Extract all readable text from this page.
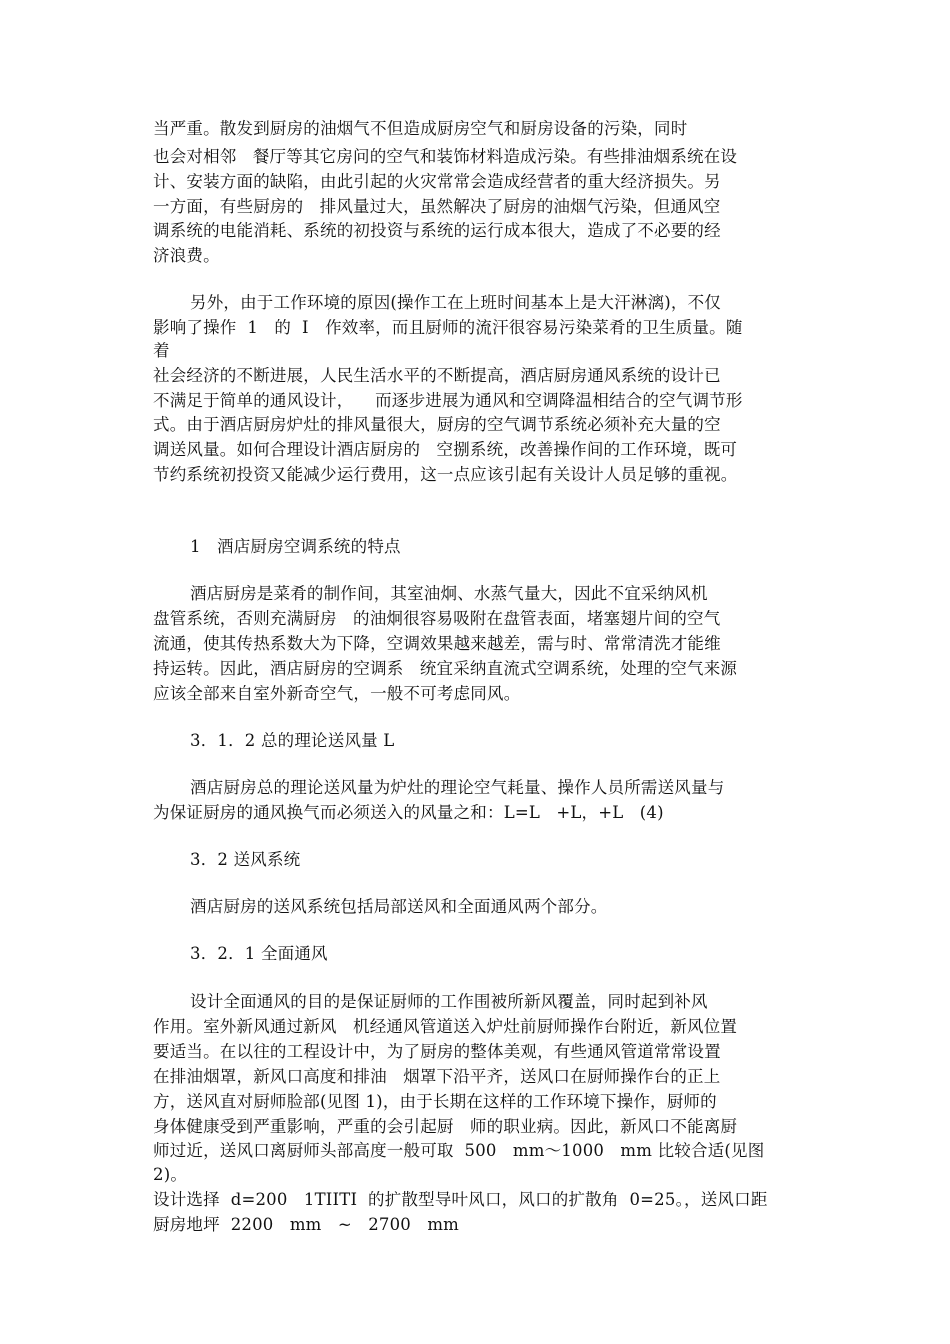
当严重。散发到厨房的油烟气不但造成厨房空气和厨房设备的污染，同时
也会对相邻   餐厅等其它房问的空气和装饰材料造成污染。有些排油烟系统在设
计、安装方面的缺陷，由此引起的火灾常常会造成经营者的重大经济损失。另
一方面，有些厨房的   排风量过大，虽然解决了厨房的油烟气污染，但通风空
调系统的电能消耗、系统的初投资与系统的运行成本很大，造成了不必要的经
济浪费。
另外，由于工作环境的原因(操作工在上班时间基本上是大汗淋漓)，不仅
影响了操作  1   的  I   作效率，而且厨师的流汗很容易污染菜肴的卫生质量。随
着
社会经济的不断进展，人民生活水平的不断提高，酒店厨房通风系统的设计已
不满足于简单的通风设计，    而逐步进展为通风和空调降温相结合的空气调节形
式。由于酒店厨房炉灶的排风量很大，厨房的空气调节系统必须补充大量的空
调送风量。如何合理设计酒店厨房的   空捌系统，改善操作间的工作环境，既可
节约系统初投资又能减少运行费用，这一点应该引起有关设计人员足够的重视。
1   酒店厨房空调系统的特点
酒店厨房是菜肴的制作间，其室油炯、水蒸气量大，因此不宜采纳风机
盘管系统，否则充满厨房   的油炯很容易吸附在盘管表面，堵塞翅片间的空气
流通，使其传热系数大为下降，空调效果越来越差，需与时、常常清洗才能维
持运转。因此，酒店厨房的空调系   统宜采纳直流式空调系统，处理的空气来源
应该全部来自室外新奇空气，一般不可考虑同风。
3．1．2 总的理论送风量 L
酒店厨房总的理论送风量为炉灶的理论空气耗量、操作人员所需送风量与
为保证厨房的通风换气而必须送入的风量之和：L=L   +L，+L   (4)
3．2 送风系统
酒店厨房的送风系统包括局部送风和全面通风两个部分。
3．2．1 全面通风
设计全面通风的目的是保证厨师的工作围被所新风覆盖，同时起到补风
作用。室外新风通过新风   机经通风管道送入炉灶前厨师操作台附近，新风位置
要适当。在以往的工程设计中，为了厨房的整体美观，有些通风管道常常设置
在排油烟罩，新风口高度和排油   烟罩下沿平齐，送风口在厨师操作台的正上
方，送风直对厨师脸部(见图 1)，由于长期在这样的工作环境下操作，厨师的
身体健康受到严重影响，严重的会引起厨   师的职业病。因此，新风口不能离厨
师过近，送风口离厨师头部高度一般可取  500   mm～1000   mm 比较合适(见图
2)。
设计选择  d=200   1TIITI  的扩散型导叶风口，风口的扩散角  0=25。，送风口距
厨房地坪  2200   mm   ~   2700   mm
